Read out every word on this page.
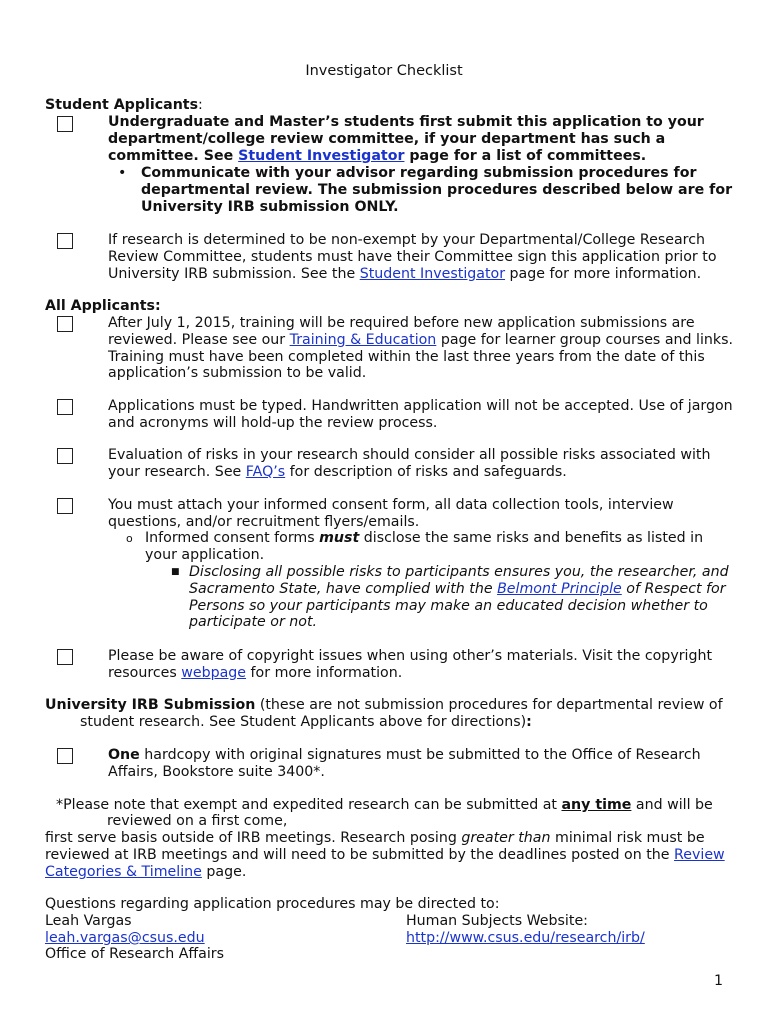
Investigator Checklist
Student Applicants:
Undergraduate and Master’s students first submit this application to your department/college review committee, if your department has such a committee. See Student Investigator page for a list of committees.
• Communicate with your advisor regarding submission procedures for departmental review. The submission procedures described below are for University IRB submission ONLY.
If research is determined to be non-exempt by your Departmental/College Research Review Committee, students must have their Committee sign this application prior to University IRB submission. See the Student Investigator page for more information.
All Applicants:
After July 1, 2015, training will be required before new application submissions are reviewed. Please see our Training & Education page for learner group courses and links. Training must have been completed within the last three years from the date of this application’s submission to be valid.
Applications must be typed. Handwritten application will not be accepted. Use of jargon and acronyms will hold-up the review process.
Evaluation of risks in your research should consider all possible risks associated with your research. See FAQ’s for description of risks and safeguards.
You must attach your informed consent form, all data collection tools, interview questions, and/or recruitment flyers/emails.
o Informed consent forms must disclose the same risks and benefits as listed in your application.
■ Disclosing all possible risks to participants ensures you, the researcher, and Sacramento State, have complied with the Belmont Principle of Respect for Persons so your participants may make an educated decision whether to participate or not.
Please be aware of copyright issues when using other’s materials. Visit the copyright resources webpage for more information.
University IRB Submission (these are not submission procedures for departmental review of
student research. See Student Applicants above for directions):
One hardcopy with original signatures must be submitted to the Office of Research Affairs, Bookstore suite 3400*.
*Please note that exempt and expedited research can be submitted at any time and will be
reviewed on a first come,
first serve basis outside of IRB meetings. Research posing greater than minimal risk must be reviewed at IRB meetings and will need to be submitted by the deadlines posted on the Review Categories & Timeline page.
Questions regarding application procedures may be directed to:
Leah Vargas	Human Subjects Website:
leah.vargas@csus.edu	http://www.csus.edu/research/irb/
Office of Research Affairs
1
